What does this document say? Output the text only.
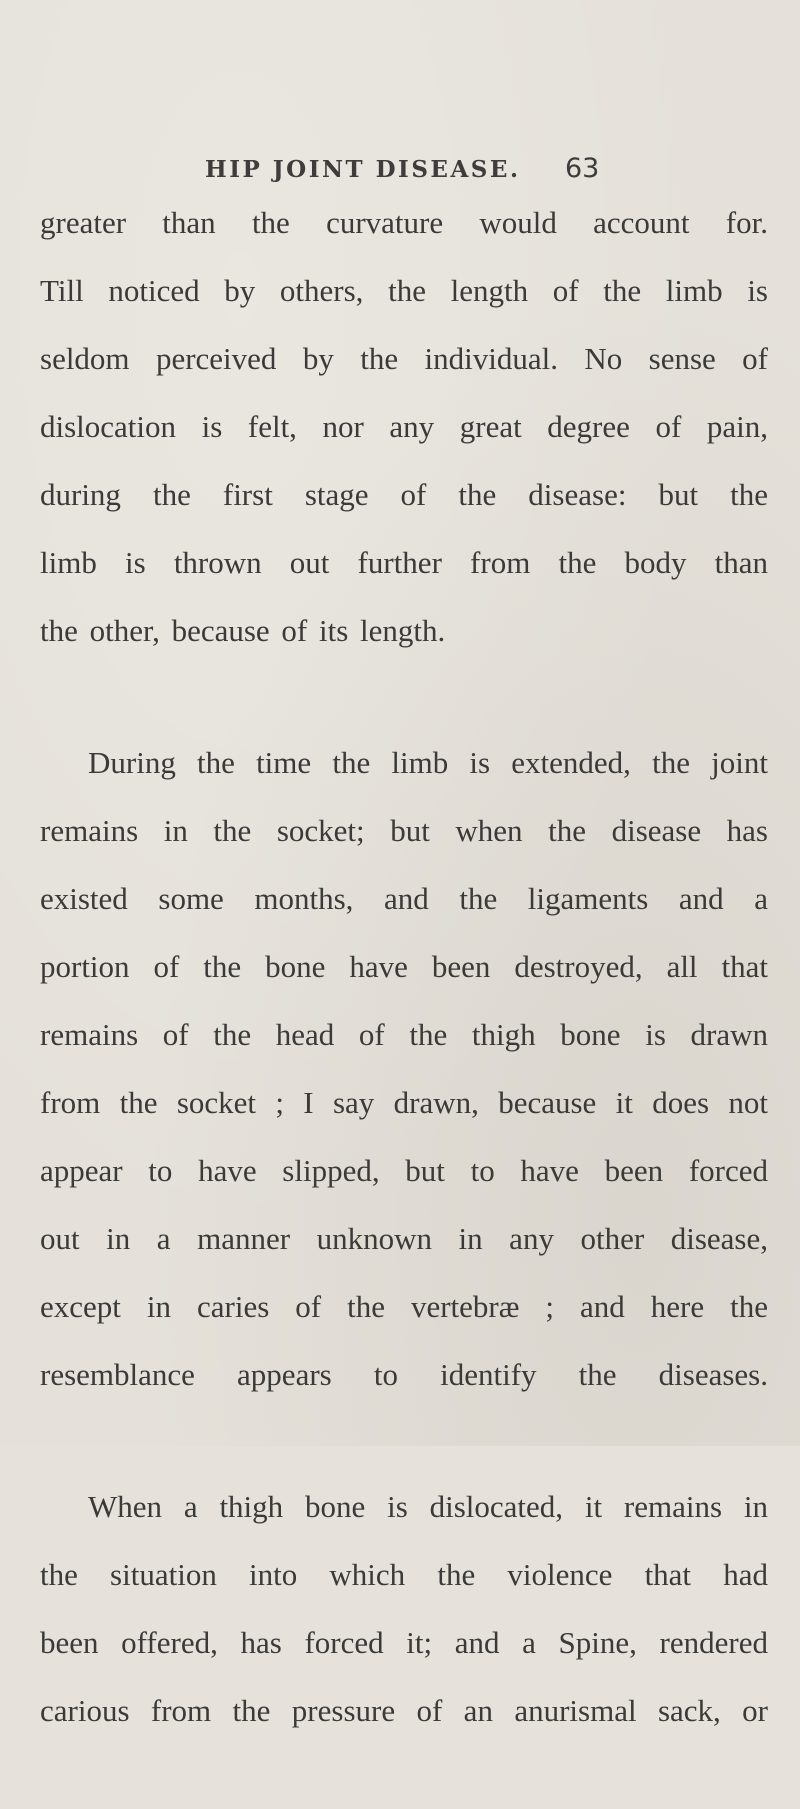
HIP JOINT DISEASE. 63
greater than the curvature would account for.
Till noticed by others, the length of the limb is
seldom perceived by the individual. No sense of
dislocation is felt, nor any great degree of pain,
during the first stage of the disease: but the
limb is thrown out further from the body than
the other, because of its length.
During the time the limb is extended, the joint
remains in the socket; but when the disease has
existed some months, and the ligaments and a
portion of the bone have been destroyed, all that
remains of the head of the thigh bone is drawn
from the socket ; I say drawn, because it does not
appear to have slipped, but to have been forced
out in a manner unknown in any other disease,
except in caries of the vertebræ ; and here the
resemblance appears to identify the diseases.
When a thigh bone is dislocated, it remains in
the situation into which the violence that had
been offered, has forced it; and a Spine, rendered
carious from the pressure of an anurismal sack, or
